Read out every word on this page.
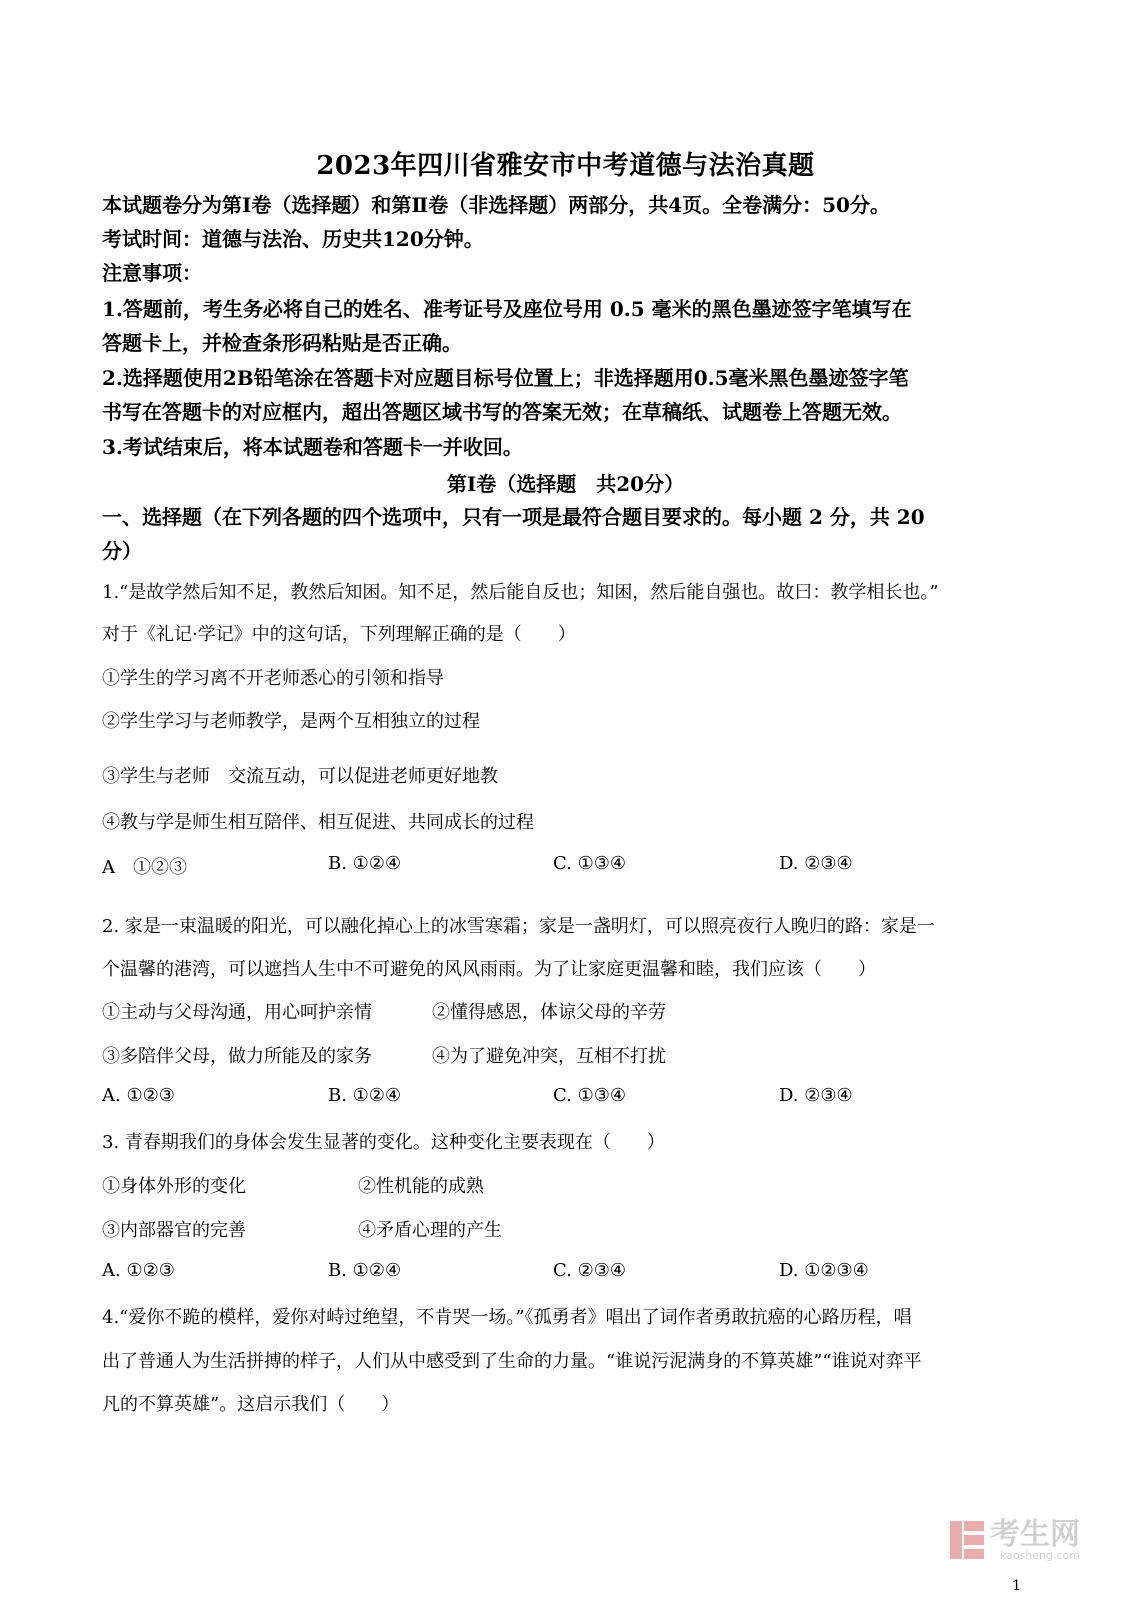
2023年四川省雅安市中考道德与法治真题
本试题卷分为第Ⅰ卷（选择题）和第Ⅱ卷（非选择题）两部分，共4页。全卷满分：50分。
考试时间：道德与法治、历史共120分钟。
注意事项：
1.答题前，考生务必将自己的姓名、准考证号及座位号用 0.5 毫米的黑色墨迹签字笔填写在
答题卡上，并检查条形码粘贴是否正确。
2.选择题使用2B铅笔涂在答题卡对应题目标号位置上；非选择题用0.5毫米黑色墨迹签字笔
书写在答题卡的对应框内，超出答题区域书写的答案无效；在草稿纸、试题卷上答题无效。
3.考试结束后，将本试题卷和答题卡一并收回。
第Ⅰ卷（选择题　共20分）
一、选择题（在下列各题的四个选项中，只有一项是最符合题目要求的。每小题 2 分，共 20
分）
1.“是故学然后知不足，教然后知困。知不足，然后能自反也；知困，然后能自强也。故曰：教学相长也。”
对于《礼记·学记》中的这句话，下列理解正确的是（　　）
①学生的学习离不开老师悉心的引领和指导
②学生学习与老师教学，是两个互相独立的过程
③学生与老师　交流互动，可以促进老师更好地教
④教与学是师生相互陪伴、相互促进、共同成长的过程
A　①②③	B. ①②④	C. ①③④	D. ②③④
2. 家是一束温暖的阳光，可以融化掉心上的冰雪寒霜；家是一盏明灯，可以照亮夜行人晚归的路：家是一
个温馨的港湾，可以遮挡人生中不可避免的风风雨雨。为了让家庭更温馨和睦，我们应该（　　）
①主动与父母沟通，用心呵护亲情	②懂得感恩，体谅父母的辛劳
③多陪伴父母，做力所能及的家务	④为了避免冲突，互相不打扰
A. ①②③	B. ①②④	C. ①③④	D. ②③④
3. 青春期我们的身体会发生显著的变化。这种变化主要表现在（　　）
①身体外形的变化	②性机能的成熟
③内部器官的完善	④矛盾心理的产生
A. ①②③	B. ①②④	C. ②③④	D. ①②③④
4.“爱你不跪的模样，爱你对峙过绝望，不肯哭一场。”《孤勇者》唱出了词作者勇敢抗癌的心路历程，唱
出了普通人为生活拼搏的样子，人们从中感受到了生命的力量。“谁说污泥满身的不算英雄”“谁说对弈平
凡的不算英雄”。这启示我们（　　）
考生网
kaosheng.com
1
